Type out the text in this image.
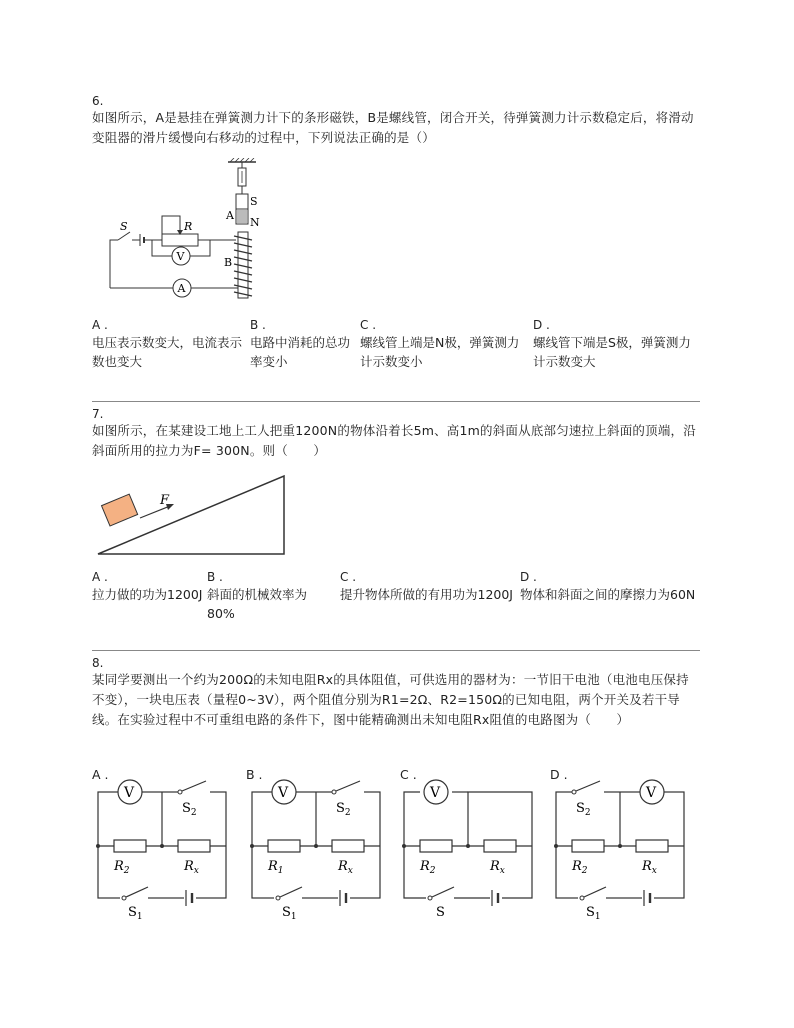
6.
如图所示，A是悬挂在弹簧测力计下的条形磁铁，B是螺线管，闭合开关，待弹簧测力计示数稳定后，将滑动变阻器的滑片缓慢向右移动的过程中，下列说法正确的是（）
S
N
A
B
S	R
V
A
A .
电压表示数变大，电流表示数也变大
B .
电路中消耗的总功率变小
C .
螺线管上端是N极，弹簧测力计示数变小
D .
螺线管下端是S极，弹簧测力计示数变大
7.
如图所示，在某建设工地上工人把重1200N的物体沿着长5m、高1m的斜面从底部匀速拉上斜面的顶端，沿斜面所用的拉力为F= 300N。则（　　）
F
A .
拉力做的功为1200J
B .
斜面的机械效率为80%
C .
提升物体所做的有用功为1200J
D .
物体和斜面之间的摩擦力为60N
8.
某同学要测出一个约为200Ω的未知电阻Rx的具体阻值，可供选用的器材为：一节旧干电池（电池电压保持不变），一块电压表（量程0~3V），两个阻值分别为R1=2Ω、R2=150Ω的已知电阻，两个开关及若干导线。在实验过程中不可重组电路的条件下，图中能精确测出未知电阻Rx阻值的电路图为（　　）
A .
V
$S_2$
$R_2$	$R_x$
$S_1$
B .
V
$S_2$
$R_1$	$R_x$
$S_1$
C .
V
$R_2$	$R_x$
S
D .
$S_2$
V
$R_2$	$R_x$
$S_1$
